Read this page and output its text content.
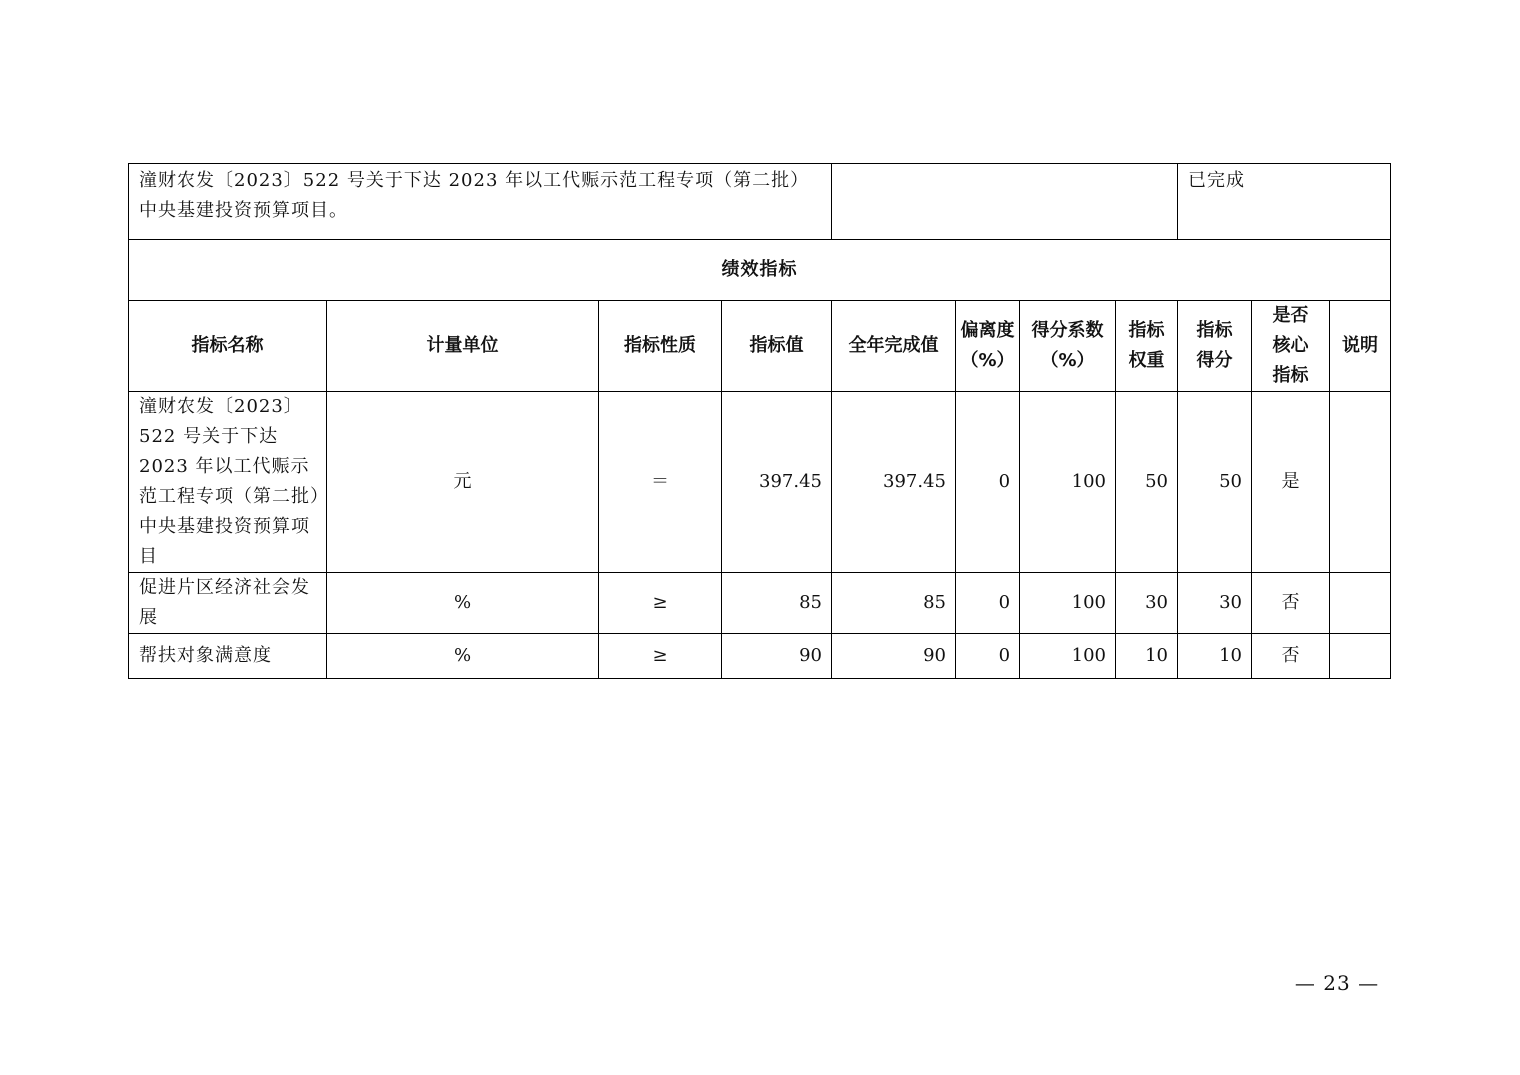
潼财农发〔2023〕522 号关于下达 2023 年以工代赈示范工程专项（第二批）中央基建投资预算项目。								已完成		
绩效指标										
指标名称	计量单位	指标性质	指标值	全年完成值	偏离度（%）	得分系数（%）	指标权重	指标得分	是否核心指标	说明
潼财农发〔2023〕522 号关于下达 2023 年以工代赈示范工程专项（第二批）中央基建投资预算项目	元	＝	397.45	397.45	0	100	50	50	是	
促进片区经济社会发展	%	≥	85	85	0	100	30	30	否	
帮扶对象满意度	%	≥	90	90	0	100	10	10	否	
— 23 —
